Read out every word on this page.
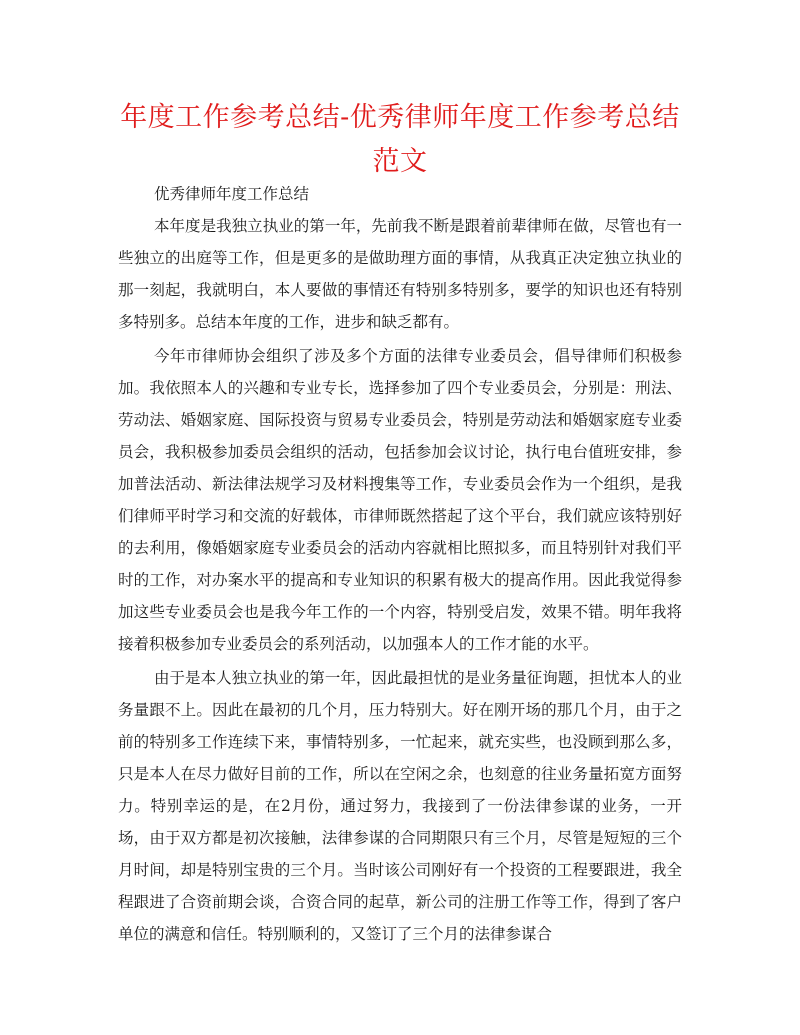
年度工作参考总结-优秀律师年度工作参考总结范文

优秀律师年度工作总结

本年度是我独立执业的第一年，先前我不断是跟着前辈律师在做，尽管也有一些独立的出庭等工作，但是更多的是做助理方面的事情，从我真正决定独立执业的那一刻起，我就明白，本人要做的事情还有特别多特别多，要学的知识也还有特别多特别多。总结本年度的工作，进步和缺乏都有。

今年市律师协会组织了涉及多个方面的法律专业委员会，倡导律师们积极参加。我依照本人的兴趣和专业专长，选择参加了四个专业委员会，分别是：刑法、劳动法、婚姻家庭、国际投资与贸易专业委员会，特别是劳动法和婚姻家庭专业委员会，我积极参加委员会组织的活动，包括参加会议讨论，执行电台值班安排，参加普法活动、新法律法规学习及材料搜集等工作，专业委员会作为一个组织，是我们律师平时学习和交流的好载体，市律师既然搭起了这个平台，我们就应该特别好的去利用，像婚姻家庭专业委员会的活动内容就相比照拟多，而且特别针对我们平时的工作，对办案水平的提高和专业知识的积累有极大的提高作用。因此我觉得参加这些专业委员会也是我今年工作的一个内容，特别受启发，效果不错。明年我将接着积极参加专业委员会的系列活动，以加强本人的工作才能的水平。

由于是本人独立执业的第一年，因此最担忧的是业务量征询题，担忧本人的业务量跟不上。因此在最初的几个月，压力特别大。好在刚开场的那几个月，由于之前的特别多工作连续下来，事情特别多，一忙起来，就充实些，也没顾到那么多，只是本人在尽力做好目前的工作，所以在空闲之余，也刻意的往业务量拓宽方面努力。特别幸运的是，在2月份，通过努力，我接到了一份法律参谋的业务，一开场，由于双方都是初次接触，法律参谋的合同期限只有三个月，尽管是短短的三个月时间，却是特别宝贵的三个月。当时该公司刚好有一个投资的工程要跟进，我全程跟进了合资前期会谈，合资合同的起草，新公司的注册工作等工作，得到了客户单位的满意和信任。特别顺利的，又签订了三个月的法律参谋合
